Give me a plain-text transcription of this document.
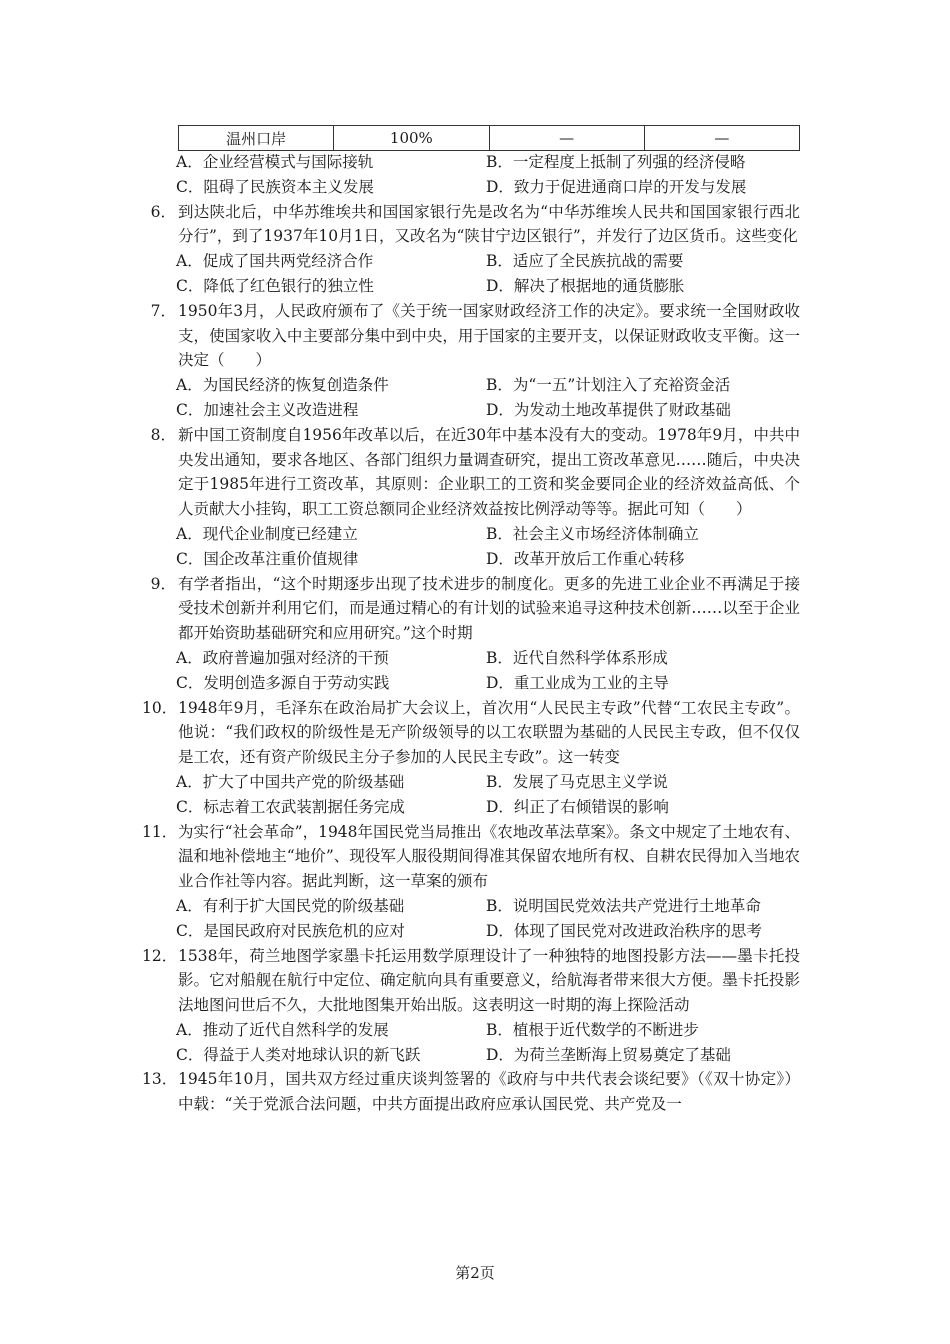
温州口岸	100%	—	—
A．企业经营模式与国际接轨	B．一定程度上抵制了列强的经济侵略
C．阻碍了民族资本主义发展	D．致力于促进通商口岸的开发与发展
6． 到达陕北后，中华苏维埃共和国国家银行先是改名为“中华苏维埃人民共和国国家银行西北分行”，到了1937年10月1日，又改名为“陕甘宁边区银行”，并发行了边区货币。这些变化
A．促成了国共两党经济合作	B．适应了全民族抗战的需要
C．降低了红色银行的独立性	D．解决了根据地的通货膨胀
7． 1950年3月，人民政府颁布了《关于统一国家财政经济工作的决定》。要求统一全国财政收支，使国家收入中主要部分集中到中央，用于国家的主要开支，以保证财政收支平衡。这一决定（　　）
A．为国民经济的恢复创造条件	B．为“一五”计划注入了充裕资金活
C．加速社会主义改造进程	D．为发动土地改革提供了财政基础
8． 新中国工资制度自1956年改革以后，在近30年中基本没有大的变动。1978年9月，中共中央发出通知，要求各地区、各部门组织力量调查研究，提出工资改革意见……随后，中央决定于1985年进行工资改革，其原则：企业职工的工资和奖金要同企业的经济效益高低、个人贡献大小挂钩，职工工资总额同企业经济效益按比例浮动等等。据此可知（　　）
A．现代企业制度已经建立	B．社会主义市场经济体制确立
C．国企改革注重价值规律	D．改革开放后工作重心转移
9． 有学者指出，“这个时期逐步出现了技术进步的制度化。更多的先进工业企业不再满足于接受技术创新并利用它们，而是通过精心的有计划的试验来追寻这种技术创新……以至于企业都开始资助基础研究和应用研究。”这个时期
A．政府普遍加强对经济的干预	B．近代自然科学体系形成
C．发明创造多源自于劳动实践	D．重工业成为工业的主导
10． 1948年9月，毛泽东在政治局扩大会议上，首次用“人民民主专政”代替“工农民主专政”。他说：“我们政权的阶级性是无产阶级领导的以工农联盟为基础的人民民主专政，但不仅仅是工农，还有资产阶级民主分子参加的人民民主专政”。这一转变
A．扩大了中国共产党的阶级基础	B．发展了马克思主义学说
C．标志着工农武装割据任务完成	D．纠正了右倾错误的影响
11． 为实行“社会革命”，1948年国民党当局推出《农地改革法草案》。条文中规定了土地农有、温和地补偿地主“地价”、现役军人服役期间得准其保留农地所有权、自耕农民得加入当地农业合作社等内容。据此判断，这一草案的颁布
A．有利于扩大国民党的阶级基础	B．说明国民党效法共产党进行土地革命
C．是国民政府对民族危机的应对	D．体现了国民党对改进政治秩序的思考
12． 1538年，荷兰地图学家墨卡托运用数学原理设计了一种独特的地图投影方法——墨卡托投影。它对船舰在航行中定位、确定航向具有重要意义，给航海者带来很大方便。墨卡托投影法地图问世后不久，大批地图集开始出版。这表明这一时期的海上探险活动
A．推动了近代自然科学的发展	B．植根于近代数学的不断进步
C．得益于人类对地球认识的新飞跃	D．为荷兰垄断海上贸易奠定了基础
13． 1945年10月，国共双方经过重庆谈判签署的《政府与中共代表会谈纪要》（《双十协定》）中载：“关于党派合法问题，中共方面提出政府应承认国民党、共产党及一
第2页
